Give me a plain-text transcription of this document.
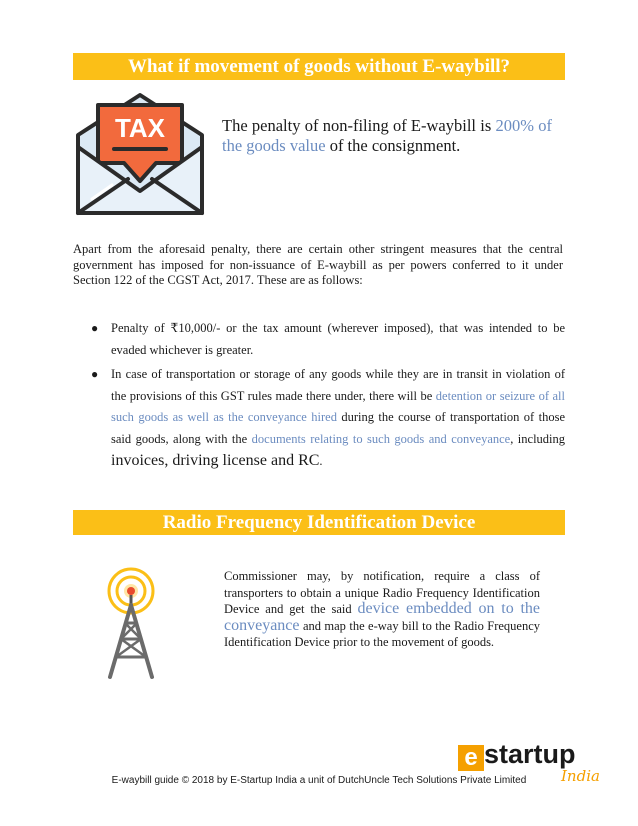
What if movement of goods without E-waybill?
TAX	The penalty of non-filing of E-waybill is 200% of the goods value of the consignment.
Apart from the aforesaid penalty, there are certain other stringent measures that the central government has imposed for non-issuance of E-waybill as per powers conferred to it under Section 122 of the CGST Act, 2017. These are as follows:
● Penalty of ₹10,000/- or the tax amount (wherever imposed), that was intended to be evaded whichever is greater.
● In case of transportation or storage of any goods while they are in transit in violation of the provisions of this GST rules made there under, there will be detention or seizure of all such goods as well as the conveyance hired during the course of transportation of those said goods, along with the documents relating to such goods and conveyance, including invoices, driving license and RC.
Radio Frequency Identification Device
Commissioner may, by notification, require a class of transporters to obtain a unique Radio Frequency Identification Device and get the said device embedded on to the conveyance and map the e-way bill to the Radio Frequency Identification Device prior to the movement of goods.
e startup
India
E-waybill guide © 2018 by E-Startup India a unit of DutchUncle Tech Solutions Private Limited
